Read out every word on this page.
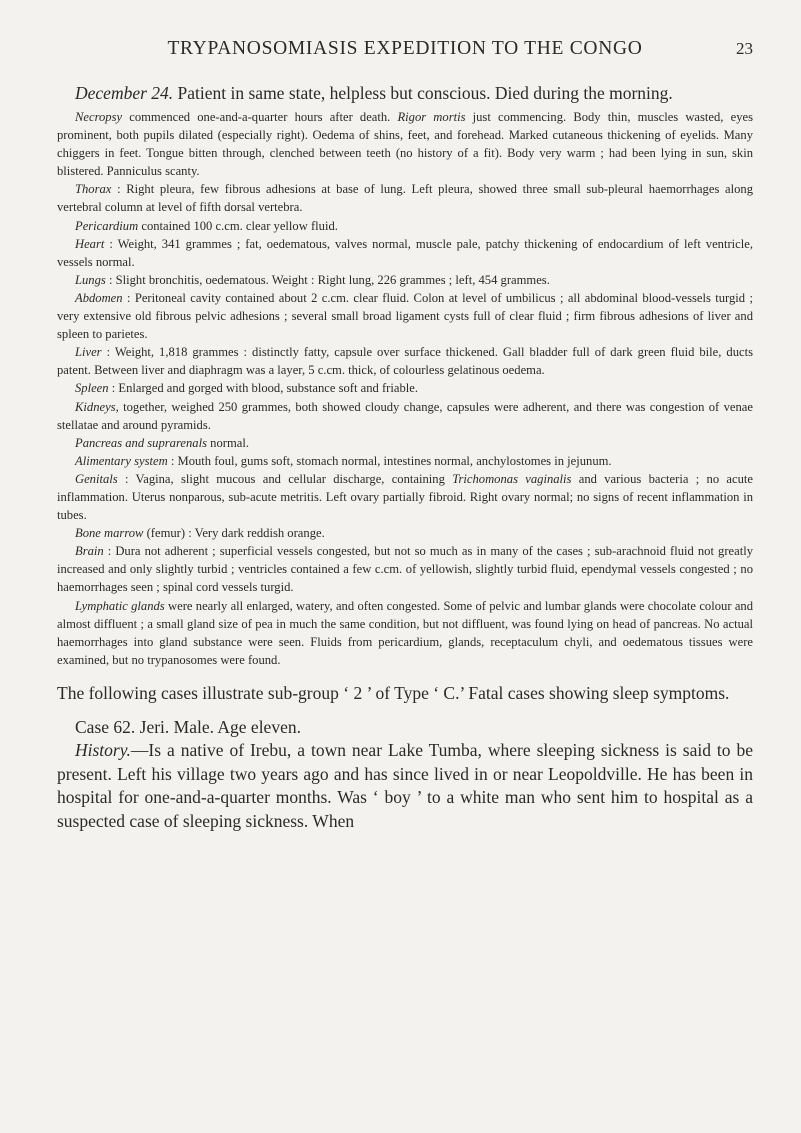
TRYPANOSOMIASIS EXPEDITION TO THE CONGO	23

December 24. Patient in same state, helpless but conscious. Died during the morning.

Necropsy commenced one-and-a-quarter hours after death. Rigor mortis just commencing. Body thin, muscles wasted, eyes prominent, both pupils dilated (especially right). Oedema of shins, feet, and forehead. Marked cutaneous thickening of eyelids. Many chiggers in feet. Tongue bitten through, clenched between teeth (no history of a fit). Body very warm ; had been lying in sun, skin blistered. Panniculus scanty.

Thorax : Right pleura, few fibrous adhesions at base of lung. Left pleura, showed three small sub-pleural haemorrhages along vertebral column at level of fifth dorsal vertebra.

Pericardium contained 100 c.cm. clear yellow fluid.

Heart : Weight, 341 grammes ; fat, oedematous, valves normal, muscle pale, patchy thickening of endocardium of left ventricle, vessels normal.

Lungs : Slight bronchitis, oedematous. Weight : Right lung, 226 grammes ; left, 454 grammes.

Abdomen : Peritoneal cavity contained about 2 c.cm. clear fluid. Colon at level of umbilicus ; all abdominal blood-vessels turgid ; very extensive old fibrous pelvic adhesions ; several small broad ligament cysts full of clear fluid ; firm fibrous adhesions of liver and spleen to parietes.

Liver : Weight, 1,818 grammes : distinctly fatty, capsule over surface thickened. Gall bladder full of dark green fluid bile, ducts patent. Between liver and diaphragm was a layer, 5 c.cm. thick, of colourless gelatinous oedema.

Spleen : Enlarged and gorged with blood, substance soft and friable.

Kidneys, together, weighed 250 grammes, both showed cloudy change, capsules were adherent, and there was congestion of venae stellatae and around pyramids.

Pancreas and suprarenals normal.

Alimentary system : Mouth foul, gums soft, stomach normal, intestines normal, anchylostomes in jejunum.

Genitals : Vagina, slight mucous and cellular discharge, containing Trichomonas vaginalis and various bacteria ; no acute inflammation. Uterus nonparous, sub-acute metritis. Left ovary partially fibroid. Right ovary normal; no signs of recent inflammation in tubes.

Bone marrow (femur) : Very dark reddish orange.

Brain : Dura not adherent ; superficial vessels congested, but not so much as in many of the cases ; sub-arachnoid fluid not greatly increased and only slightly turbid ; ventricles contained a few c.cm. of yellowish, slightly turbid fluid, ependymal vessels congested ; no haemorrhages seen ; spinal cord vessels turgid.

Lymphatic glands were nearly all enlarged, watery, and often congested. Some of pelvic and lumbar glands were chocolate colour and almost diffluent ; a small gland size of pea in much the same condition, but not diffluent, was found lying on head of pancreas. No actual haemorrhages into gland substance were seen. Fluids from pericardium, glands, receptaculum chyli, and oedematous tissues were examined, but no trypanosomes were found.

The following cases illustrate sub-group ‘ 2 ’ of Type ‘ C.’ Fatal cases showing sleep symptoms.

Case 62. Jeri. Male. Age eleven.

History.—Is a native of Irebu, a town near Lake Tumba, where sleeping sickness is said to be present. Left his village two years ago and has since lived in or near Leopoldville. He has been in hospital for one-and-a-quarter months. Was ‘ boy ’ to a white man who sent him to hospital as a suspected case of sleeping sickness. When
